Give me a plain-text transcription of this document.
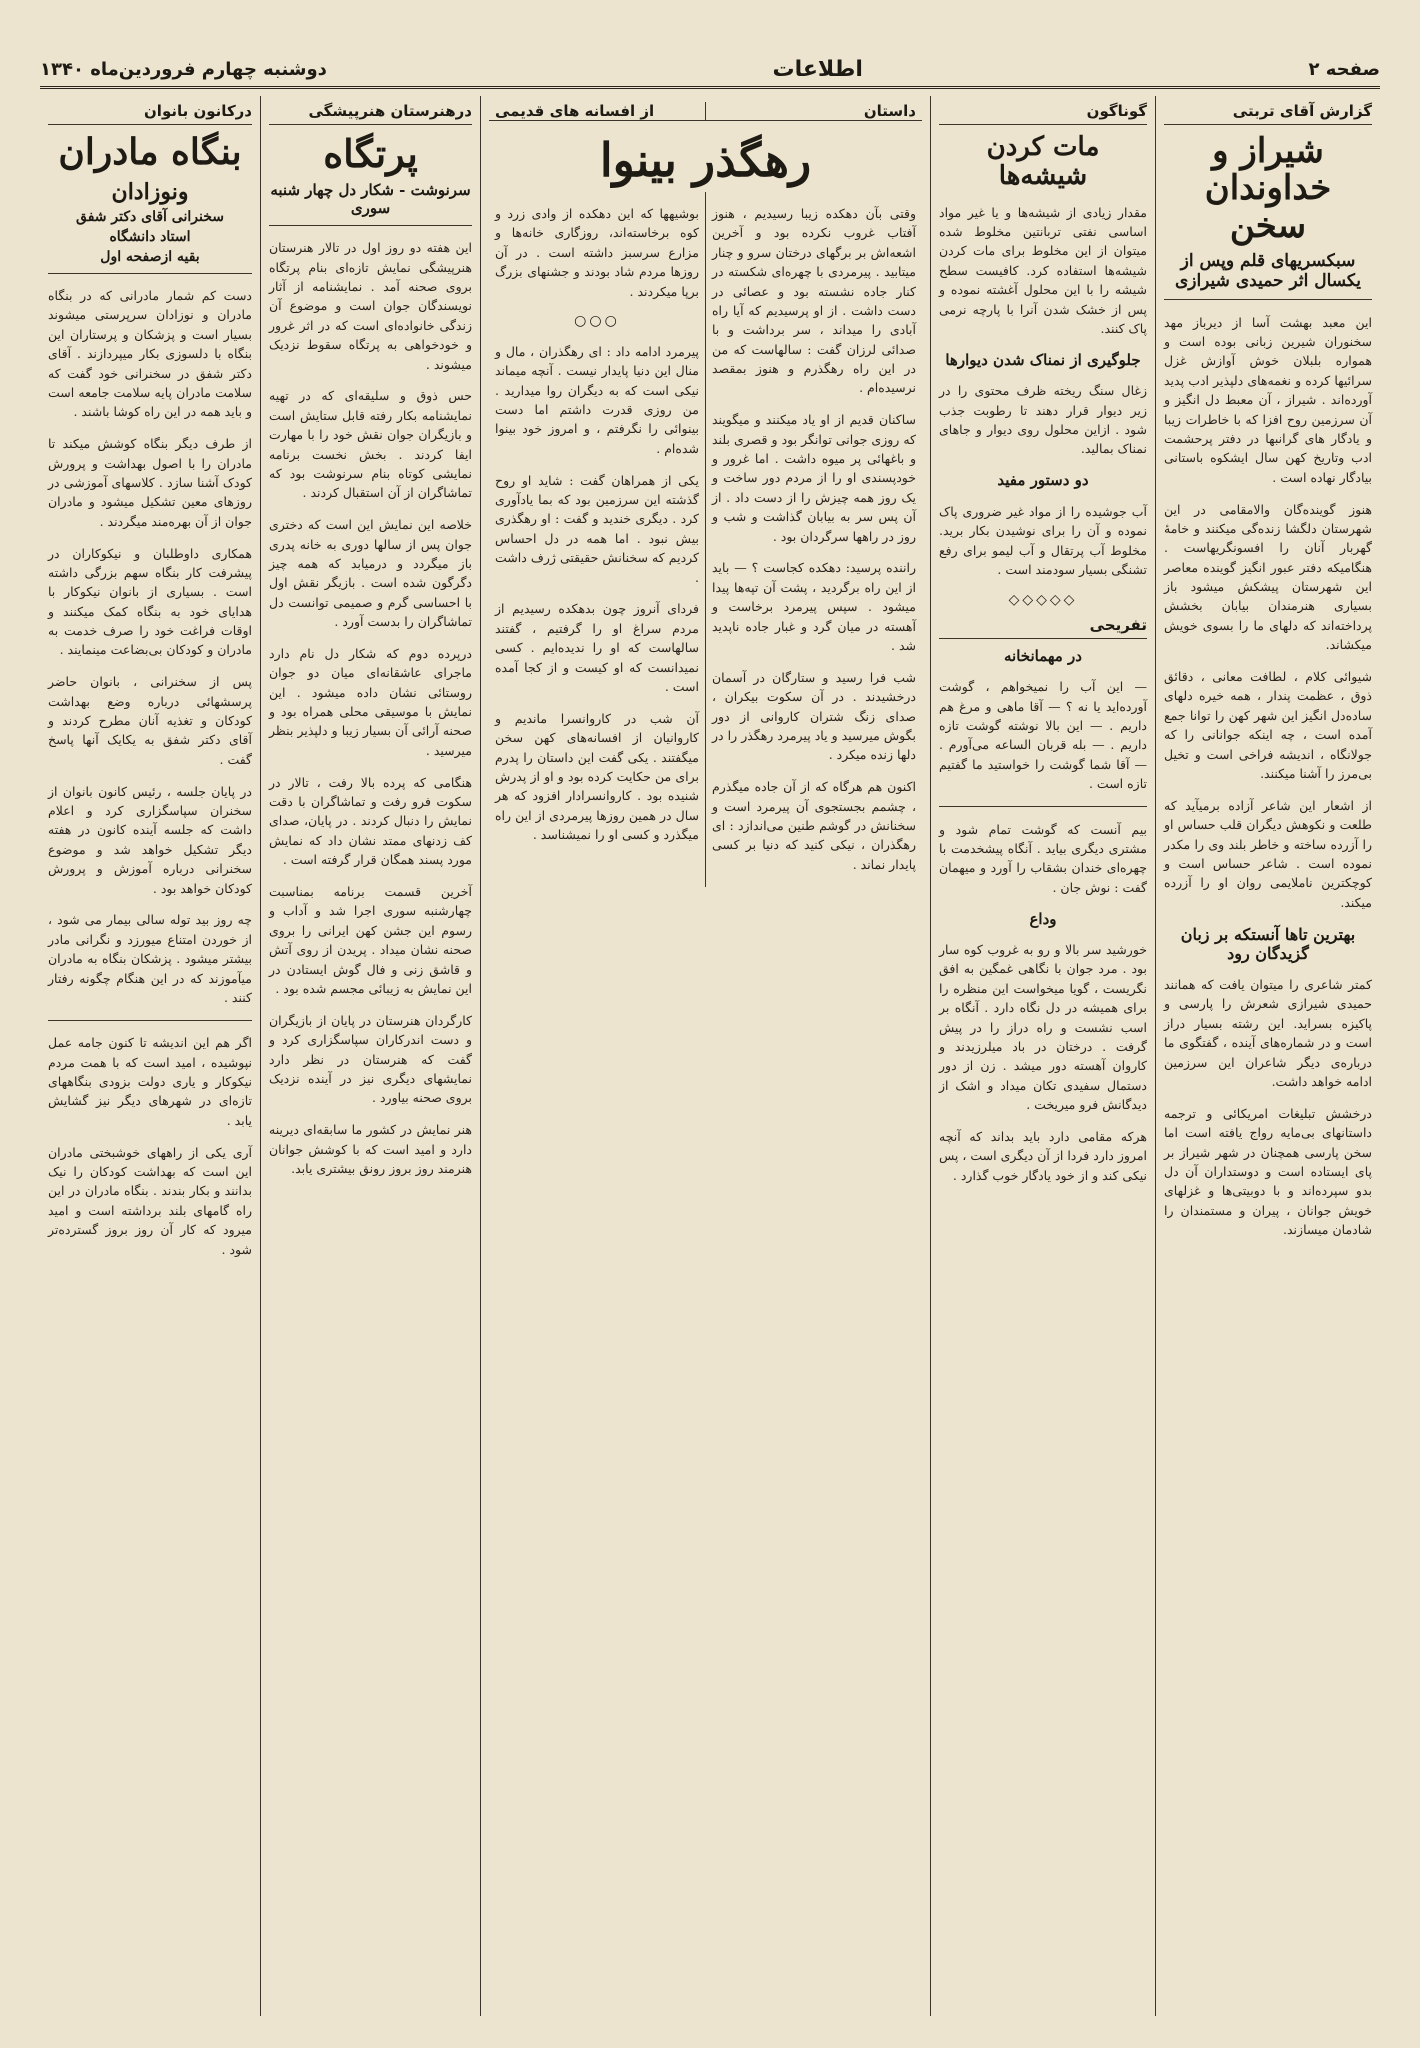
صفحه ۲
اطلاعات
دوشنبه چهارم فروردین‌ماه ۱۳۴۰
گزارش آقای تربتی
شیراز و خداوندان سخن
سبکسریهای قلم وپس از یکسال اثر حمیدی شیرازی

این معبد بهشت آسا از دیرباز مهد سخنوران شیرین زبانی بوده است و همواره بلبلان خوش آوازش غزل سرائیها کرده‌ و نغمه‌های دلپذیر ادب پدید آورده‌اند . شیراز ، آن معبط دل انگیز و آن سرزمین روح افزا که با خاطرات زیبا و یادگار های گرانبها در دفتر پرحشمت ادب وتاریخ کهن سال ایشکوه باستانی بیادگار نهاده است .

هنوز گوینده‌گان والامقامی در این شهرستان دلگشا زنده‌گی میکنند و خامهٔ گهربار آنان را افسونگریهاست . هنگامیکه دفتر عبور انگیز گوینده معاصر این شهرستان پیشکش میشود باز بسیاری هنرمندان بیابان بخشش پرداخته‌اند که دلهای ما را بسوی خویش میکشاند.

شیوائی کلام ، لطافت معانی ، دقائق ذوق ، عظمت پندار ، همه خیره دلهای ساده‌دل انگیز این شهر کهن را توانا جمع آمده است ، چه اینکه جوانانی را که جولانگاه ، اندیشه فراخی است و تخیل بی‌مرز را آشنا میکنند.

از اشعار این شاعر آزاده برمیآید که طلعت و نکوهش دیگران قلب حساس او را آزرده ساخته و خاطر بلند وی را مکدر نموده است . شاعر حساس است و کوچکترین ناملایمی روان او را آزرده میکند.

بهترین تاها آنستکه بر زبان گزیدگان رود

کمتر شاعری را میتوان یافت که همانند حمیدی شیرازی شعرش را پارسی و پاکیزه بسراید. این رشته بسیار دراز است و در شماره‌های آینده ، گفتگوی ما درباره‌ی دیگر شاعران این سرزمین ادامه خواهد داشت.

درخشش تبلیغات امریکائی و ترجمه داستانهای بی‌مایه رواج یافته است اما سخن پارسی همچنان در شهر شیراز بر پای ایستاده است و دوستداران آن دل بدو سپرده‌اند و با دوبیتی‌ها و غزلهای خویش جوانان ، پیران و مستمندان را شادمان میسازند.

گوناگون
مات کردن شیشه‌ها

مقدار زیادی از شیشه‌ها و یا غیر مواد اساسی نفتی تربانتین مخلوط شده میتوان از این مخلوط برای مات کردن شیشه‌ها استفاده کرد. کافیست سطح شیشه را با این محلول آغشته نموده و پس از خشک شدن آنرا با پارچه نرمی پاک کنند.

جلوگیری از نمناک شدن دیوارها

زغال سنگ ریخته ظرف محتوی را در زیر دیوار قرار دهند تا رطوبت جذب شود . ازاین محلول روی دیوار و جاهای نمناک بمالید.

دو دستور مفید

آب جوشیده را از مواد غیر ضروری پاک نموده و آن را برای نوشیدن بکار برید. مخلوط آب پرتقال و آب لیمو برای رفع تشنگی بسیار سودمند است .

◇◇◇◇◇
تفریحی
در مهمانخانه

— این آب را نمیخواهم ، گوشت آورده‌اید یا نه ؟ — آقا ماهی و مرغ هم داریم . — این بالا نوشته گوشت تازه داریم . — بله قربان الساعه می‌آورم . — آقا شما گوشت را خواستید ما گفتیم تازه است .

بیم آنست که گوشت تمام شود و مشتری دیگری بیاید . آنگاه پیشخدمت با چهره‌ای خندان بشقاب را آورد و میهمان گفت : نوش جان .

وداع

خورشید سر بالا و رو به غروب کوه سار بود . مرد جوان با نگاهی غمگین به افق نگریست ، گویا میخواست این منظره را برای همیشه در دل نگاه دارد . آنگاه بر اسب نشست و راه دراز را در پیش گرفت . درختان در باد میلرزیدند و کاروان آهسته دور میشد . زن از دور دستمال سفیدی تکان میداد و اشک از دیدگانش فرو میریخت .

هرکه مقامی دارد باید بداند که آنچه امروز دارد فردا از آن دیگری است ، پس نیکی کند و از خود یادگار خوب گذارد .

داستان
از افسانه های قدیمی
رهگذر بینوا

وقتی بآن دهکده زیبا رسیدیم ، هنوز آفتاب غروب نکرده بود و آخرین اشعه‌اش بر برگهای درختان سرو و چنار میتابید . پیرمردی با چهره‌ای شکسته در کنار جاده نشسته بود و عصائی در دست داشت . از او پرسیدیم که آیا راه آبادی را میداند ، سر برداشت و با صدائی لرزان گفت : سالهاست که من در این راه رهگذرم و هنوز بمقصد نرسیده‌ام .

ساکنان قدیم از او یاد میکنند و میگویند که روزی جوانی توانگر بود و قصری بلند و باغهائی پر میوه داشت . اما غرور و خودپسندی او را از مردم دور ساخت و یک روز همه چیزش را از دست داد . از آن پس سر به بیابان گذاشت و شب و روز در راهها سرگردان بود .

راننده پرسید: دهکده کجاست ؟ — باید از این راه برگردید ، پشت آن تپه‌ها پیدا میشود . سپس پیرمرد برخاست و آهسته در میان گرد و غبار جاده ناپدید شد .

شب فرا رسید و ستارگان در آسمان درخشیدند . در آن سکوت بیکران ، صدای زنگ شتران کاروانی از دور بگوش میرسید و یاد پیرمرد رهگذر را در دلها زنده میکرد .

اکنون هم هرگاه که از آن جاده میگذرم ، چشمم بجستجوی آن پیرمرد است و سخنانش در گوشم طنین می‌اندازد : ای رهگذران ، نیکی کنید که دنیا بر کسی پایدار نماند .

بوشیهها که این دهکده از وادی زرد و کوه برخاسته‌اند، روزگاری خانه‌ها و مزارع سرسبز داشته است . در آن روزها مردم شاد بودند و جشنهای بزرگ برپا میکردند .

○○○

پیرمرد ادامه داد : ای رهگذران ، مال و منال این دنیا پایدار نیست . آنچه میماند نیکی است که به دیگران روا میدارید . من روزی قدرت داشتم اما دست بینوائی را نگرفتم ، و امروز خود بینوا شده‌ام .

یکی از همراهان گفت : شاید او روح گذشته این سرزمین بود که بما یادآوری کرد . دیگری خندید و گفت : او رهگذری بیش نبود . اما همه در دل احساس کردیم که سخنانش حقیقتی ژرف داشت .

فردای آنروز چون بدهکده رسیدیم از مردم سراغ او را گرفتیم ، گفتند سالهاست که او را ندیده‌ایم . کسی نمیدانست که او کیست و از کجا آمده است .

آن شب در کاروانسرا ماندیم و کاروانیان از افسانه‌های کهن سخن میگفتند . یکی گفت این داستان را پدرم برای من حکایت کرده بود و او از پدرش شنیده بود . کاروانسرادار افزود که هر سال در همین روزها پیرمردی از این راه میگذرد و کسی او را نمیشناسد .

درهنرستان هنرپیشگی
پرتگاه
سرنوشت - شکار دل چهار شنبه سوری

این هفته دو روز اول در تالار هنرستان هنرپیشگی نمایش تازه‌ای بنام پرتگاه بروی صحنه آمد . نمایشنامه از آثار نویسندگان جوان است و موضوع آن زندگی خانواده‌ای است که در اثر غرور و خودخواهی به پرتگاه سقوط نزدیک میشوند .

حس ذوق و سلیقه‌ای که در تهیه نمایشنامه بکار رفته قابل ستایش است و بازیگران جوان نقش خود را با مهارت ایفا کردند . بخش نخست برنامه نمایشی کوتاه بنام سرنوشت بود که تماشاگران از آن استقبال کردند .

خلاصه این نمایش این است که دختری جوان پس از سالها دوری به خانه پدری باز میگردد و درمیابد که همه چیز دگرگون شده است . بازیگر نقش اول با احساسی گرم و صمیمی توانست دل تماشاگران را بدست آورد .

درپرده دوم که شکار دل نام دارد ماجرای عاشقانه‌ای میان دو جوان روستائی نشان داده میشود . این نمایش با موسیقی محلی همراه بود و صحنه آرائی آن بسیار زیبا و دلپذیر بنظر میرسید .

هنگامی که پرده بالا رفت ، تالار در سکوت فرو رفت و تماشاگران با دقت نمایش را دنبال کردند . در پایان، صدای کف زدنهای ممتد نشان داد که نمایش مورد پسند همگان قرار گرفته است .

آخرین قسمت برنامه بمناسبت چهارشنبه سوری اجرا شد و آداب و رسوم این جشن کهن ایرانی را بروی صحنه نشان میداد . پریدن از روی آتش و قاشق زنی و فال گوش ایستادن در این نمایش به زیبائی مجسم شده بود .

کارگردان هنرستان در پایان از بازیگران و دست اندرکاران سپاسگزاری کرد و گفت که هنرستان در نظر دارد نمایشهای دیگری نیز در آینده نزدیک بروی صحنه بیاورد .

هنر نمایش در کشور ما سابقه‌ای دیرینه دارد و امید است که با کوشش جوانان هنرمند روز بروز رونق بیشتری یابد.

درکانون بانوان
بنگاه مادران
ونوزادان
سخنرانی آقای دکتر شفق
استاد دانشگاه
بقیه ازصفحه اول

دست کم شمار مادرانی که در بنگاه مادران و نوزادان سرپرستی میشوند بسیار است و پزشکان و پرستاران این بنگاه با دلسوزی بکار میپردازند . آقای دکتر شفق در سخنرانی خود گفت که سلامت مادران پایه سلامت جامعه است و باید همه در این راه کوشا باشند .

از طرف دیگر بنگاه کوشش میکند تا مادران را با اصول بهداشت و پرورش کودک آشنا سازد . کلاسهای آموزشی در روزهای معین تشکیل میشود و مادران جوان از آن بهره‌مند میگردند .

همکاری داوطلبان و نیکوکاران در پیشرفت کار بنگاه سهم بزرگی داشته است . بسیاری از بانوان نیکوکار با هدایای خود به بنگاه کمک میکنند و اوقات فراغت خود را صرف خدمت به مادران و کودکان بی‌بضاعت مینمایند .

پس از سخنرانی ، بانوان حاضر پرسشهائی درباره وضع بهداشت کودکان و تغذیه آنان مطرح کردند و آقای دکتر شفق به یکایک آنها پاسخ گفت .

در پایان جلسه ، رئیس کانون بانوان از سخنران سپاسگزاری کرد و اعلام داشت که جلسه آینده کانون در هفته دیگر تشکیل خواهد شد و موضوع سخنرانی درباره آموزش و پرورش کودکان خواهد بود .

چه روز بید توله سالی بیمار می شود ، از خوردن امتناع میورزد و نگرانی مادر بیشتر میشود . پزشکان بنگاه به مادران میآموزند که در این هنگام چگونه رفتار کنند .

اگر هم این اندیشه تا کنون جامه عمل نپوشیده ، امید است که با همت مردم نیکوکار و یاری دولت بزودی بنگاههای تازه‌ای در شهرهای دیگر نیز گشایش یابد .

آری یکی از راههای خوشبختی مادران این است که بهداشت کودکان را نیک بدانند و بکار بندند . بنگاه مادران در این راه گامهای بلند برداشته است و امید میرود که کار آن روز بروز گسترده‌تر شود .
